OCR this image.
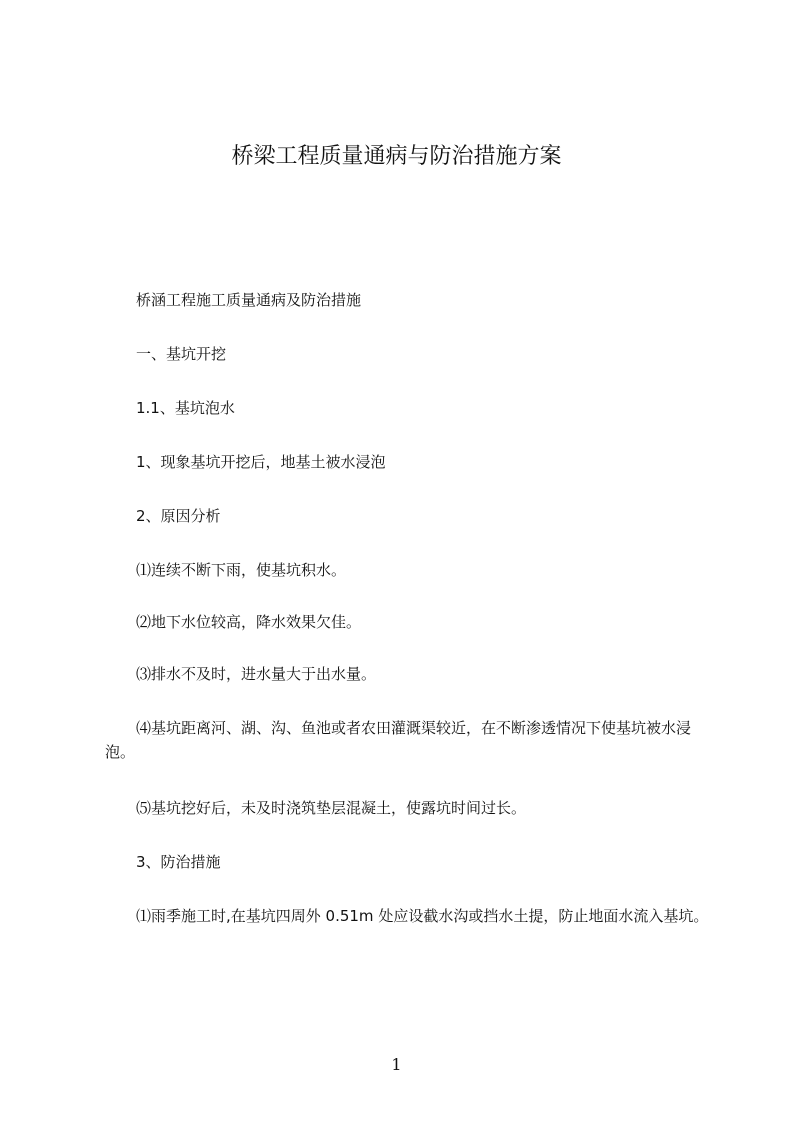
桥梁工程质量通病与防治措施方案
桥涵工程施工质量通病及防治措施
一、基坑开挖
1.1、基坑泡水
1、现象基坑开挖后，地基土被水浸泡
2、原因分析
⑴连续不断下雨，使基坑积水。
⑵地下水位较高，降水效果欠佳。
⑶排水不及时，进水量大于出水量。
⑷基坑距离河、湖、沟、鱼池或者农田灌溉渠较近，在不断渗透情况下使基坑被水浸泡。
⑸基坑挖好后，未及时浇筑垫层混凝土，使露坑时间过长。
3、防治措施
⑴雨季施工时,在基坑四周外 0.51m 处应设截水沟或挡水土提，防止地面水流入基坑。
1
